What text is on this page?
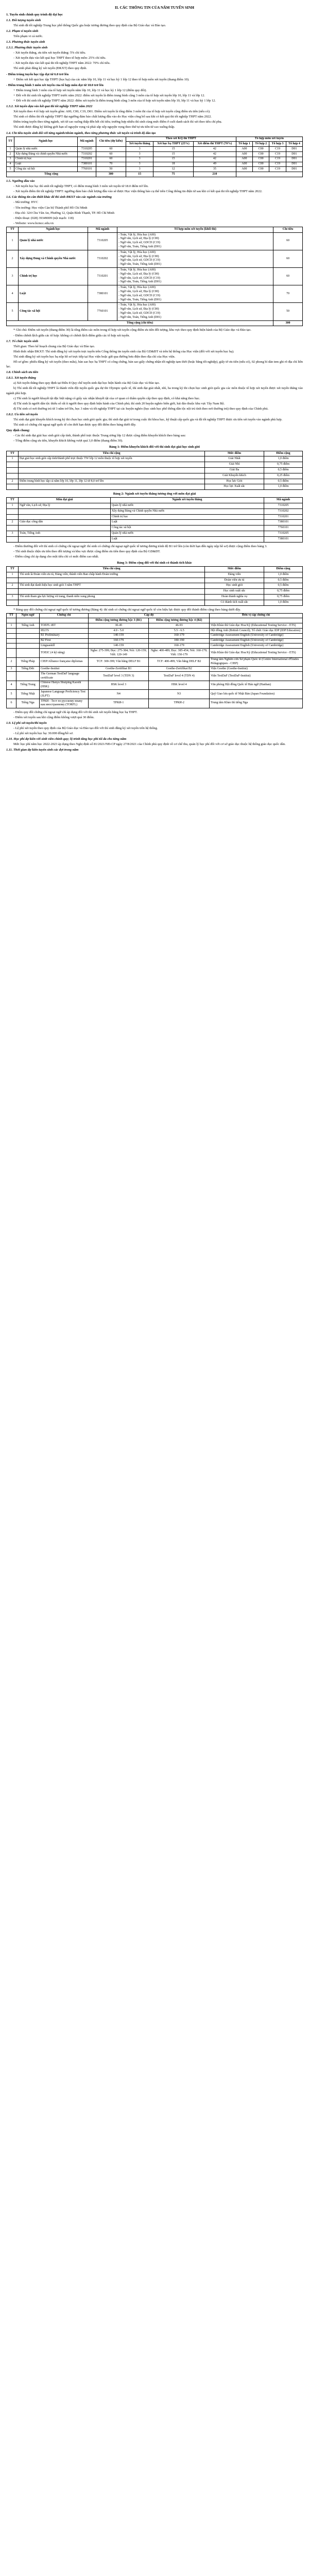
II. CÁC THÔNG TIN CỦA NĂM TUYỂN SINH
1. Tuyển sinh chính quy trình độ đại học
1.1. Đối tượng tuyển sinh

Thí sinh đã tốt nghiệp Trung học phổ thông Quốc gia hoặc tương đương theo quy định của Bộ Giáo dục và Đào tạo.

1.2. Phạm vi tuyển sinh

Trên phạm vi cả nước.

1.3. Phương thức tuyển sinh
1.3.1. Phương thức tuyển sinh

- Xét tuyển thẳng, ưu tiên xét tuyển thẳng: 5% chỉ tiêu.

- Xét tuyển dựa vào kết quả học THPT theo tổ hợp môn: 25% chỉ tiêu.

- Xét tuyển dựa vào kết quả thi tốt nghiệp THPT năm 2022: 70% chỉ tiêu.

Thí sinh phải đăng ký xét tuyển (ĐKXT) theo quy định.

- Điểm trúng tuyển học tập đạt từ 6.0 trở lên

+ Điểm xét kết quả học tập THPT (học bạ) của các năm lớp 10, lớp 11 và học kỳ 1 lớp 12 theo tổ hợp môn xét tuyển (thang điểm 10).

- Điểm trung bình 3 môn xét tuyển của tổ hợp môn đạt từ 18.0 trở lên

+ Điểm trung bình 3 môn của tổ hợp xét tuyển năm lớp 10, lớp 11 và học kỳ 1 lớp 12 (điểm quy đổi).

+ Đối với thí sinh tốt nghiệp THPT trước năm 2022: điểm xét tuyển là điểm trung bình cộng 3 môn của tổ hợp xét tuyển lớp 10, lớp 11 và lớp 12.

+ Đối với thí sinh tốt nghiệp THPT năm 2022: điểm xét tuyển là điểm trung bình cộng 3 môn của tổ hợp xét tuyển năm lớp 10, lớp 11 và học kỳ 1 lớp 12.

1.3.2. Xét tuyển dựa vào kết quả thi tốt nghiệp THPT năm 2022

Xét tuyển theo 4 tổ hợp xét tuyển gồm: A00, C00, C19, D01. Điểm xét tuyển là tổng điểm 3 môn thi của tổ hợp xét tuyển cộng điểm ưu tiên (nếu có).

Thí sinh có điểm thi tốt nghiệp THPT đạt ngưỡng đảm bảo chất lượng đầu vào do Học viện công bố sau khi có kết quả thi tốt nghiệp THPT năm 2022.

Điểm trúng tuyển theo từng ngành, xét từ cao xuống thấp đến hết chỉ tiêu; trường hợp nhiều thí sinh cùng mức điểm ở cuối danh sách thì xét theo tiêu chí phụ.

Thí sinh được đăng ký không giới hạn số nguyện vọng và phải sắp xếp nguyện vọng theo thứ tự ưu tiên từ cao xuống thấp.

1.4. Chỉ tiêu tuyển sinh đối với từng ngành/nhóm ngành, theo từng phương thức xét tuyển và trình độ đào tạo
TT	Ngành học	Mã ngành	Chỉ tiêu (dự kiến)	Theo xét KQ thi THPT			Tổ hợp môn xét tuyển			
				Xét tuyển thẳng	Xét học bạ THPT (25%)	Xét điểm thi THPT (70%)	Tổ hợp 1	Tổ hợp 2	Tổ hợp 3	Tổ hợp 4
1	Quản lý nhà nước	7310205	60	3	15	42	A00	C00	C19	D01
2	Xây dựng Đảng và chính quyền Nhà nước	7310202	60	3	15	42	A00	C00	C19	D01
3	Chính trị học	7310201	60	3	15	42	A00	C00	C19	D01
4	Luật	7380101	70	3	18	49	A00	C00	C19	D01
5	Công tác xã hội	7760101	50	3	12	35	A00	C00	C19	D01
Tổng cộng			300	15	75	210				
1.5. Ngưỡng đầu vào

- Xét tuyển học bạ: thí sinh tốt nghiệp THPT, có điểm trung bình 3 môn xét tuyển từ 18.0 điểm trở lên.

- Xét tuyển điểm thi tốt nghiệp THPT: ngưỡng đảm bảo chất lượng đầu vào sẽ được Học viện thông báo cụ thể trên Cổng thông tin điện tử sau khi có kết quả thi tốt nghiệp THPT năm 2022.

1.6. Các thông tin cần thiết khác để thí sinh ĐKXT vào các ngành của trường

- Mã trường: HVC

- Tên trường: Học viện Cán bộ Thành phố Hồ Chí Minh

- Địa chỉ: 324 Chu Văn An, Phường 12, Quận Bình Thạnh, TP. Hồ Chí Minh

- Điện thoại: (028) 39349009 (nội mạch: 118)

- Website: www.hcmcc.edu.vn

TT	Ngành học	Mã ngành	Tổ hợp môn xét tuyển (khối thi)	Chỉ tiêu
1	Quản lý nhà nước	7310205	- Toán, Vật lý, Hóa học (A00)
- Ngữ văn, Lịch sử, Địa lý (C00)
- Ngữ văn, Lịch sử, GDCD (C19)
- Ngữ văn, Toán, Tiếng Anh (D01)	60
2	Xây dựng Đảng và Chính quyền Nhà nước	7310202	- Toán, Vật lý, Hóa học (A00)
- Ngữ văn, Lịch sử, Địa lý (C00)
- Ngữ văn, Lịch sử, GDCD (C19)
- Ngữ văn, Toán, Tiếng Anh (D01)	60
3	Chính trị học	7310201	- Toán, Vật lý, Hóa học (A00)
- Ngữ văn, Lịch sử, Địa lý (C00)
- Ngữ văn, Lịch sử, GDCD (C19)
- Ngữ văn, Toán, Tiếng Anh (D01)	60
4	Luật	7380101	- Toán, Vật lý, Hóa học (A00)
- Ngữ văn, Lịch sử, Địa lý (C00)
- Ngữ văn, Lịch sử, GDCD (C19)
- Ngữ văn, Toán, Tiếng Anh (D01)	70
5	Công tác xã hội	7760101	- Toán, Vật lý, Hóa học (A00)
- Ngữ văn, Lịch sử, Địa lý (C00)
- Ngữ văn, Lịch sử, GDCD (C19)
- Ngữ văn, Toán, Tiếng Anh (D01)	50
Tổng cộng (chỉ tiêu)				300

* Ghi chú: Điểm xét tuyển (thang điểm 30) là tổng điểm các môn trong tổ hợp xét tuyển cộng điểm ưu tiên đối tượng, khu vực theo quy định hiện hành của Bộ Giáo dục và Đào tạo.

- Điểm chênh lệch giữa các tổ hợp: không có chênh lệch điểm giữa các tổ hợp xét tuyển.

1.7. Tổ chức tuyển sinh

Thời gian: Theo kế hoạch chung của Bộ Giáo dục và Đào tạo.

Hình thức nhận ĐKXT: Thí sinh đăng ký xét tuyển trực tuyến trên Cổng thông tin tuyển sinh của Bộ GD&ĐT và trên hệ thống của Học viện (đối với xét tuyển học bạ).

Thí sinh đăng ký xét tuyển học bạ nộp hồ sơ trực tiếp tại Học viện hoặc gửi qua đường bưu điện theo địa chỉ của Học viện.

Hồ sơ gồm: phiếu đăng ký xét tuyển (theo mẫu), bản sao học bạ THPT có công chứng, bản sao giấy chứng nhận tốt nghiệp tạm thời (hoặc bằng tốt nghiệp), giấy tờ ưu tiên (nếu có), 02 phong bì dán tem ghi rõ địa chỉ liên lạc.

1.8. Chính sách ưu tiên
1.8.1. Xét tuyển thẳng

a) Xét tuyển thẳng theo quy định tại Điều 8 Quy chế tuyển sinh đại học hiện hành của Bộ Giáo dục và Đào tạo.

b) Thí sinh đã tốt nghiệp THPT là thành viên đội tuyển quốc gia dự thi Olympic quốc tế, thí sinh đạt giải nhất, nhì, ba trong kỳ thi chọn học sinh giỏi quốc gia các môn thuộc tổ hợp xét tuyển được xét tuyển thẳng vào ngành phù hợp.

c) Thí sinh là người khuyết tật đặc biệt nặng có giấy xác nhận khuyết tật của cơ quan có thẩm quyền cấp theo quy định, có khả năng theo học.

d) Thí sinh là người dân tộc thiểu số rất ít người theo quy định hiện hành của Chính phủ; thí sinh 20 huyện nghèo biên giới, hải đảo thuộc khu vực Tây Nam Bộ.

đ) Thí sinh có nơi thường trú từ 3 năm trở lên, học 3 năm và tốt nghiệp THPT tại các huyện nghèo (học sinh học phổ thông dân tộc nội trú tính theo nơi thường trú) theo quy định của Chính phủ.

1.8.2. Ưu tiên xét tuyển

Thí sinh đạt giải khuyến khích trong kỳ thi chọn học sinh giỏi quốc gia; thí sinh đạt giải tư trong cuộc thi khoa học, kỹ thuật cấp quốc gia và đã tốt nghiệp THPT được ưu tiên xét tuyển vào ngành phù hợp.

Thí sinh có chứng chỉ ngoại ngữ quốc tế còn thời hạn được quy đổi điểm theo bảng dưới đây.

Quy định chung:

- Các thí sinh đạt giải học sinh giỏi cấp tỉnh, thành phố trực thuộc Trung ương lớp 12 được cộng điểm khuyến khích theo bảng sau:

- Tổng điểm cộng ưu tiên, khuyến khích không vượt quá 3,0 điểm (thang điểm 30).

Bảng 1: Điểm khuyến khích đối với thí sinh đạt giải học sinh giỏi
TT	Tiêu chí cộng	Mức điểm	Điểm cộng
1	Đạt giải học sinh giỏi cấp tỉnh/thành phố trực thuộc TW lớp 12 môn thuộc tổ hợp xét tuyển	Giải Nhất	1,0 điểm
		Giải Nhì	0,75 điểm
		Giải Ba	0,5 điểm
		Giải Khuyến khích	0,25 điểm
2	Điểm trung bình học tập cả năm lớp 10, lớp 11, lớp 12 từ 8,0 trở lên	Học lực Giỏi	0,5 điểm
		Học lực Xuất sắc	1,0 điểm
Bảng 2: Ngành xét tuyển thẳng tương ứng với môn đạt giải
TT	Môn đạt giải	Ngành xét tuyển thẳng	Mã ngành
1	Ngữ văn, Lịch sử, Địa lý	Quản lý nhà nước	7310205
		Xây dựng Đảng và Chính quyền Nhà nước	7310202
		Chính trị học	7310201
2	Giáo dục công dân	Luật	7380101
		Công tác xã hội	7760101
3	Toán, Tiếng Anh	Quản lý nhà nước	7310205
		Luật	7380101

- Điểm thưởng đối với thí sinh có chứng chỉ ngoại ngữ: thí sinh có chứng chỉ ngoại ngữ quốc tế tương đương trình độ B1 trở lên (còn thời hạn đến ngày nộp hồ sơ) được cộng điểm theo bảng 3.

- Thí sinh thuộc diện ưu tiên theo đối tượng và khu vực được cộng điểm ưu tiên theo quy định của Bộ GD&ĐT.

- Điểm cộng chỉ áp dụng cho một tiêu chí có mức điểm cao nhất.

Bảng 3: Điểm cộng đối với thí sinh có thành tích khác
TT	Tiêu chí cộng	Mức điểm	Điểm cộng
1	Thí sinh là Đoàn viên ưu tú, Đảng viên, thành viên Ban chấp hành Đoàn trường	Đảng viên	1,0 điểm
		Đoàn viên ưu tú	0,5 điểm
2	Thí sinh đạt danh hiệu học sinh giỏi 3 năm THPT	Học sinh giỏi	0,5 điểm
		Học sinh xuất sắc	0,75 điểm
3	Thí sinh tham gia lực lượng vũ trang, thanh niên xung phong	Hoàn thành nghĩa vụ	0,75 điểm
		Có thành tích xuất sắc	1,0 điểm

* Bảng quy đổi chứng chỉ ngoại ngữ quốc tế tương đương (Bảng 4): thí sinh có chứng chỉ ngoại ngữ quốc tế còn hiệu lực được quy đổi thành điểm cộng theo bảng dưới đây.

TT	Ngôn ngữ	Chứng chỉ	Cấp độ		Đơn vị cấp chứng chỉ
			Điểm cộng tương đương bậc 3 (B1)	Điểm cộng tương đương bậc 4 (B2)	
1	Tiếng Anh	TOEFL iBT	30-45	46-93	Viện Khảo thí Giáo dục Hoa Kỳ (Educational Testing Service - ETS)
		IELTS	4.0 - 5.0	5.5 - 6.5	Hội đồng Anh (British Council); Tổ chức Giáo dục IDP (IDP Education)
		B1 Preliminary	140-159	160-179	Cambridge Assessment English (University of Cambridge)
		B2 First	160-179	180-190	Cambridge Assessment English (University of Cambridge)
		Linguaskill	140-159	160-179	Cambridge Assessment English (University of Cambridge)
		TOEIC (4 kỹ năng)	Nghe: 275-399; Đọc: 275-384; Nói: 120-159; Viết: 120-149	Nghe: 400-489; Đọc: 385-454; Nói: 160-179; Viết: 150-179	Viện Khảo thí Giáo dục Hoa Kỳ (Educational Testing Service - ETS)
2	Tiếng Pháp	CIEP/Alliance française diplomas	TCF: 300-399; Văn bằng DELF B1	TCF: 400-499; Văn bằng DELF B2	Trung tâm Nghiên cứu Sư phạm Quốc tế (Centre International d'Études Pédagogiques - CIEP)
3	Tiếng Đức	Goethe-Institut	Goethe-Zertifikat B1	Goethe-Zertifikat B2	Viện Goethe (Goethe-Institut)
		The German TestDaF language certificate	TestDaF level 3 (TDN 3)	TestDaF level 4 (TDN 4)	Viện TestDaF (TestDaF-Institut)
4	Tiếng Trung	Chinese Hanyu Shuiping Kaoshi (HSK)	HSK level 3	HSK level 4	Văn phòng Hội đồng Quốc tế Hán ngữ (Hanban)
5	Tiếng Nhật	Japanese Language Proficiency Test (JLPT)	N4	N3	Quỹ Giao lưu quốc tế Nhật Bản (Japan Foundation)
6	Tiếng Nga	ТРКИ - Тест по русскому языку как иностранному (TORFL)	ТРКИ-1	ТРКИ-2	Trung tâm Khảo thí tiếng Nga

- Điểm quy đổi chứng chỉ ngoại ngữ chỉ áp dụng đối với thí sinh xét tuyển bằng học bạ THPT.

- Điểm xét tuyển sau khi cộng điểm không vượt quá 30 điểm.

1.9. Lệ phí xét tuyển/thi tuyển

- Lệ phí xét tuyển theo quy định của Bộ Giáo dục và Đào tạo đối với thí sinh đăng ký xét tuyển trên hệ thống.

- Lệ phí xét tuyển học bạ: 30.000 đồng/hồ sơ.

1.10. Học phí dự kiến với sinh viên chính quy; lộ trình tăng học phí tối đa cho từng năm

Mức học phí năm học 2022-2023 áp dụng theo Nghị định số 81/2021/NĐ-CP ngày 27/8/2021 của Chính phủ quy định về cơ chế thu, quản lý học phí đối với cơ sở giáo dục thuộc hệ thống giáo dục quốc dân.

1.11. Thời gian dự kiến tuyển sinh các đợt trong năm
